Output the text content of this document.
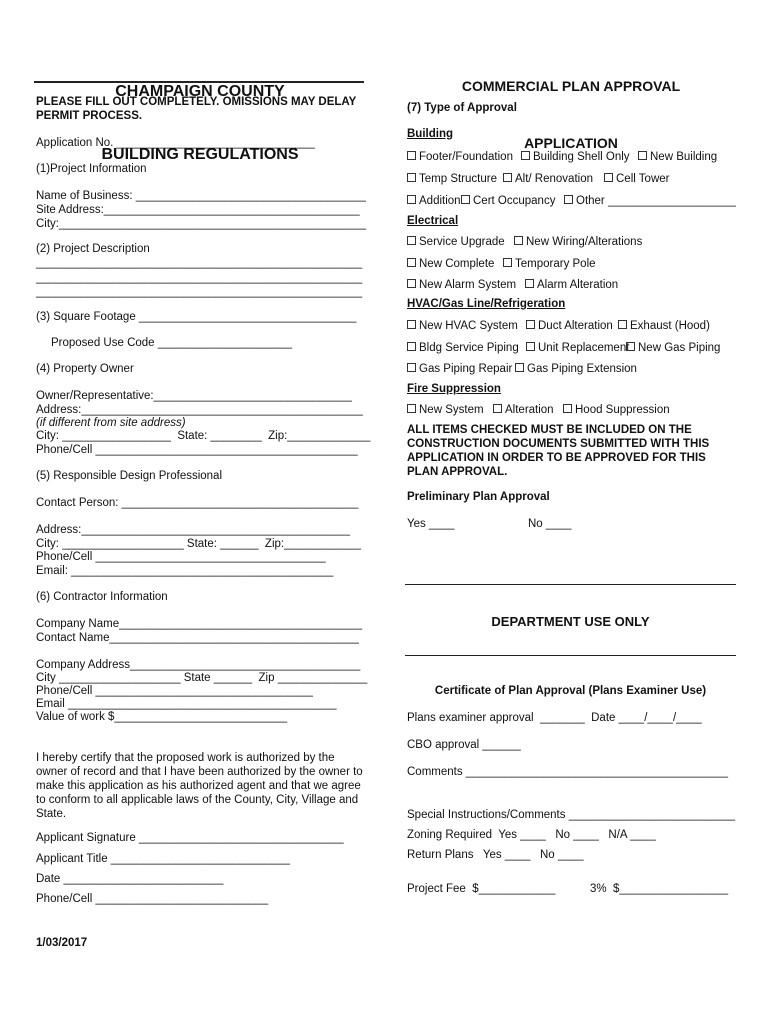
CHAMPAIGN COUNTY

BUILDING REGULATIONS

PLEASE FILL OUT COMPLETELY. OMISSIONS MAY DELAY
PERMIT PROCESS.
Application No. _______________________________
(1)Project Information
Name of Business: ____________________________________
Site Address:________________________________________
City:________________________________________________
(2) Project Description
___________________________________________________
___________________________________________________
___________________________________________________
(3) Square Footage __________________________________
Proposed Use Code _____________________
(4) Property Owner
Owner/Representative:_______________________________
Address:____________________________________________
(if different from site address)
City: _________________  State: ________  Zip:_____________
Phone/Cell _________________________________________
(5) Responsible Design Professional
Contact Person: _____________________________________
Address:__________________________________________
City: ___________________ State: ______  Zip:____________
Phone/Cell ____________________________________
Email: _________________________________________
(6) Contractor Information
Company Name______________________________________
Contact Name_______________________________________
Company Address____________________________________
City ___________________ State ______  Zip ______________
Phone/Cell __________________________________
Email __________________________________________
Value of work $___________________________
I hereby certify that the proposed work is authorized by the
owner of record and that I have been authorized by the owner to
make this application as his authorized agent and that we agree
to conform to all applicable laws of the County, City, Village and
State.
Applicant Signature ________________________________
Applicant Title ____________________________
Date _________________________
Phone/Cell ___________________________
1/03/2017

COMMERCIAL PLAN APPROVAL

APPLICATION

(7) Type of Approval
Building
Footer/Foundation	Building Shell Only	New Building
Temp Structure	Alt/ Renovation	Cell Tower
Addition	Cert Occupancy	Other ____________________
Electrical
Service Upgrade	New Wiring/Alterations
New Complete	Temporary Pole
New Alarm System	Alarm Alteration
HVAC/Gas Line/Refrigeration
New HVAC System	Duct Alteration	Exhaust (Hood)
Bldg Service Piping	Unit Replacement New Gas Piping
Gas Piping Repair	Gas Piping Extension
Fire Suppression
New System	Alteration	Hood Suppression
ALL ITEMS CHECKED MUST BE INCLUDED ON THE
CONSTRUCTION DOCUMENTS SUBMITTED WITH THIS
APPLICATION IN ORDER TO BE APPROVED FOR THIS
PLAN APPROVAL.
Preliminary Plan Approval
Yes ____	No ____
DEPARTMENT USE ONLY
Certificate of Plan Approval (Plans Examiner Use)
Plans examiner approval  _______  Date ____/____/____
CBO approval ______
Comments _________________________________________
Special Instructions/Comments __________________________
Zoning Required  Yes ____   No ____   N/A ____
Return Plans   Yes ____   No ____
Project Fee  $____________	3%  $_________________
